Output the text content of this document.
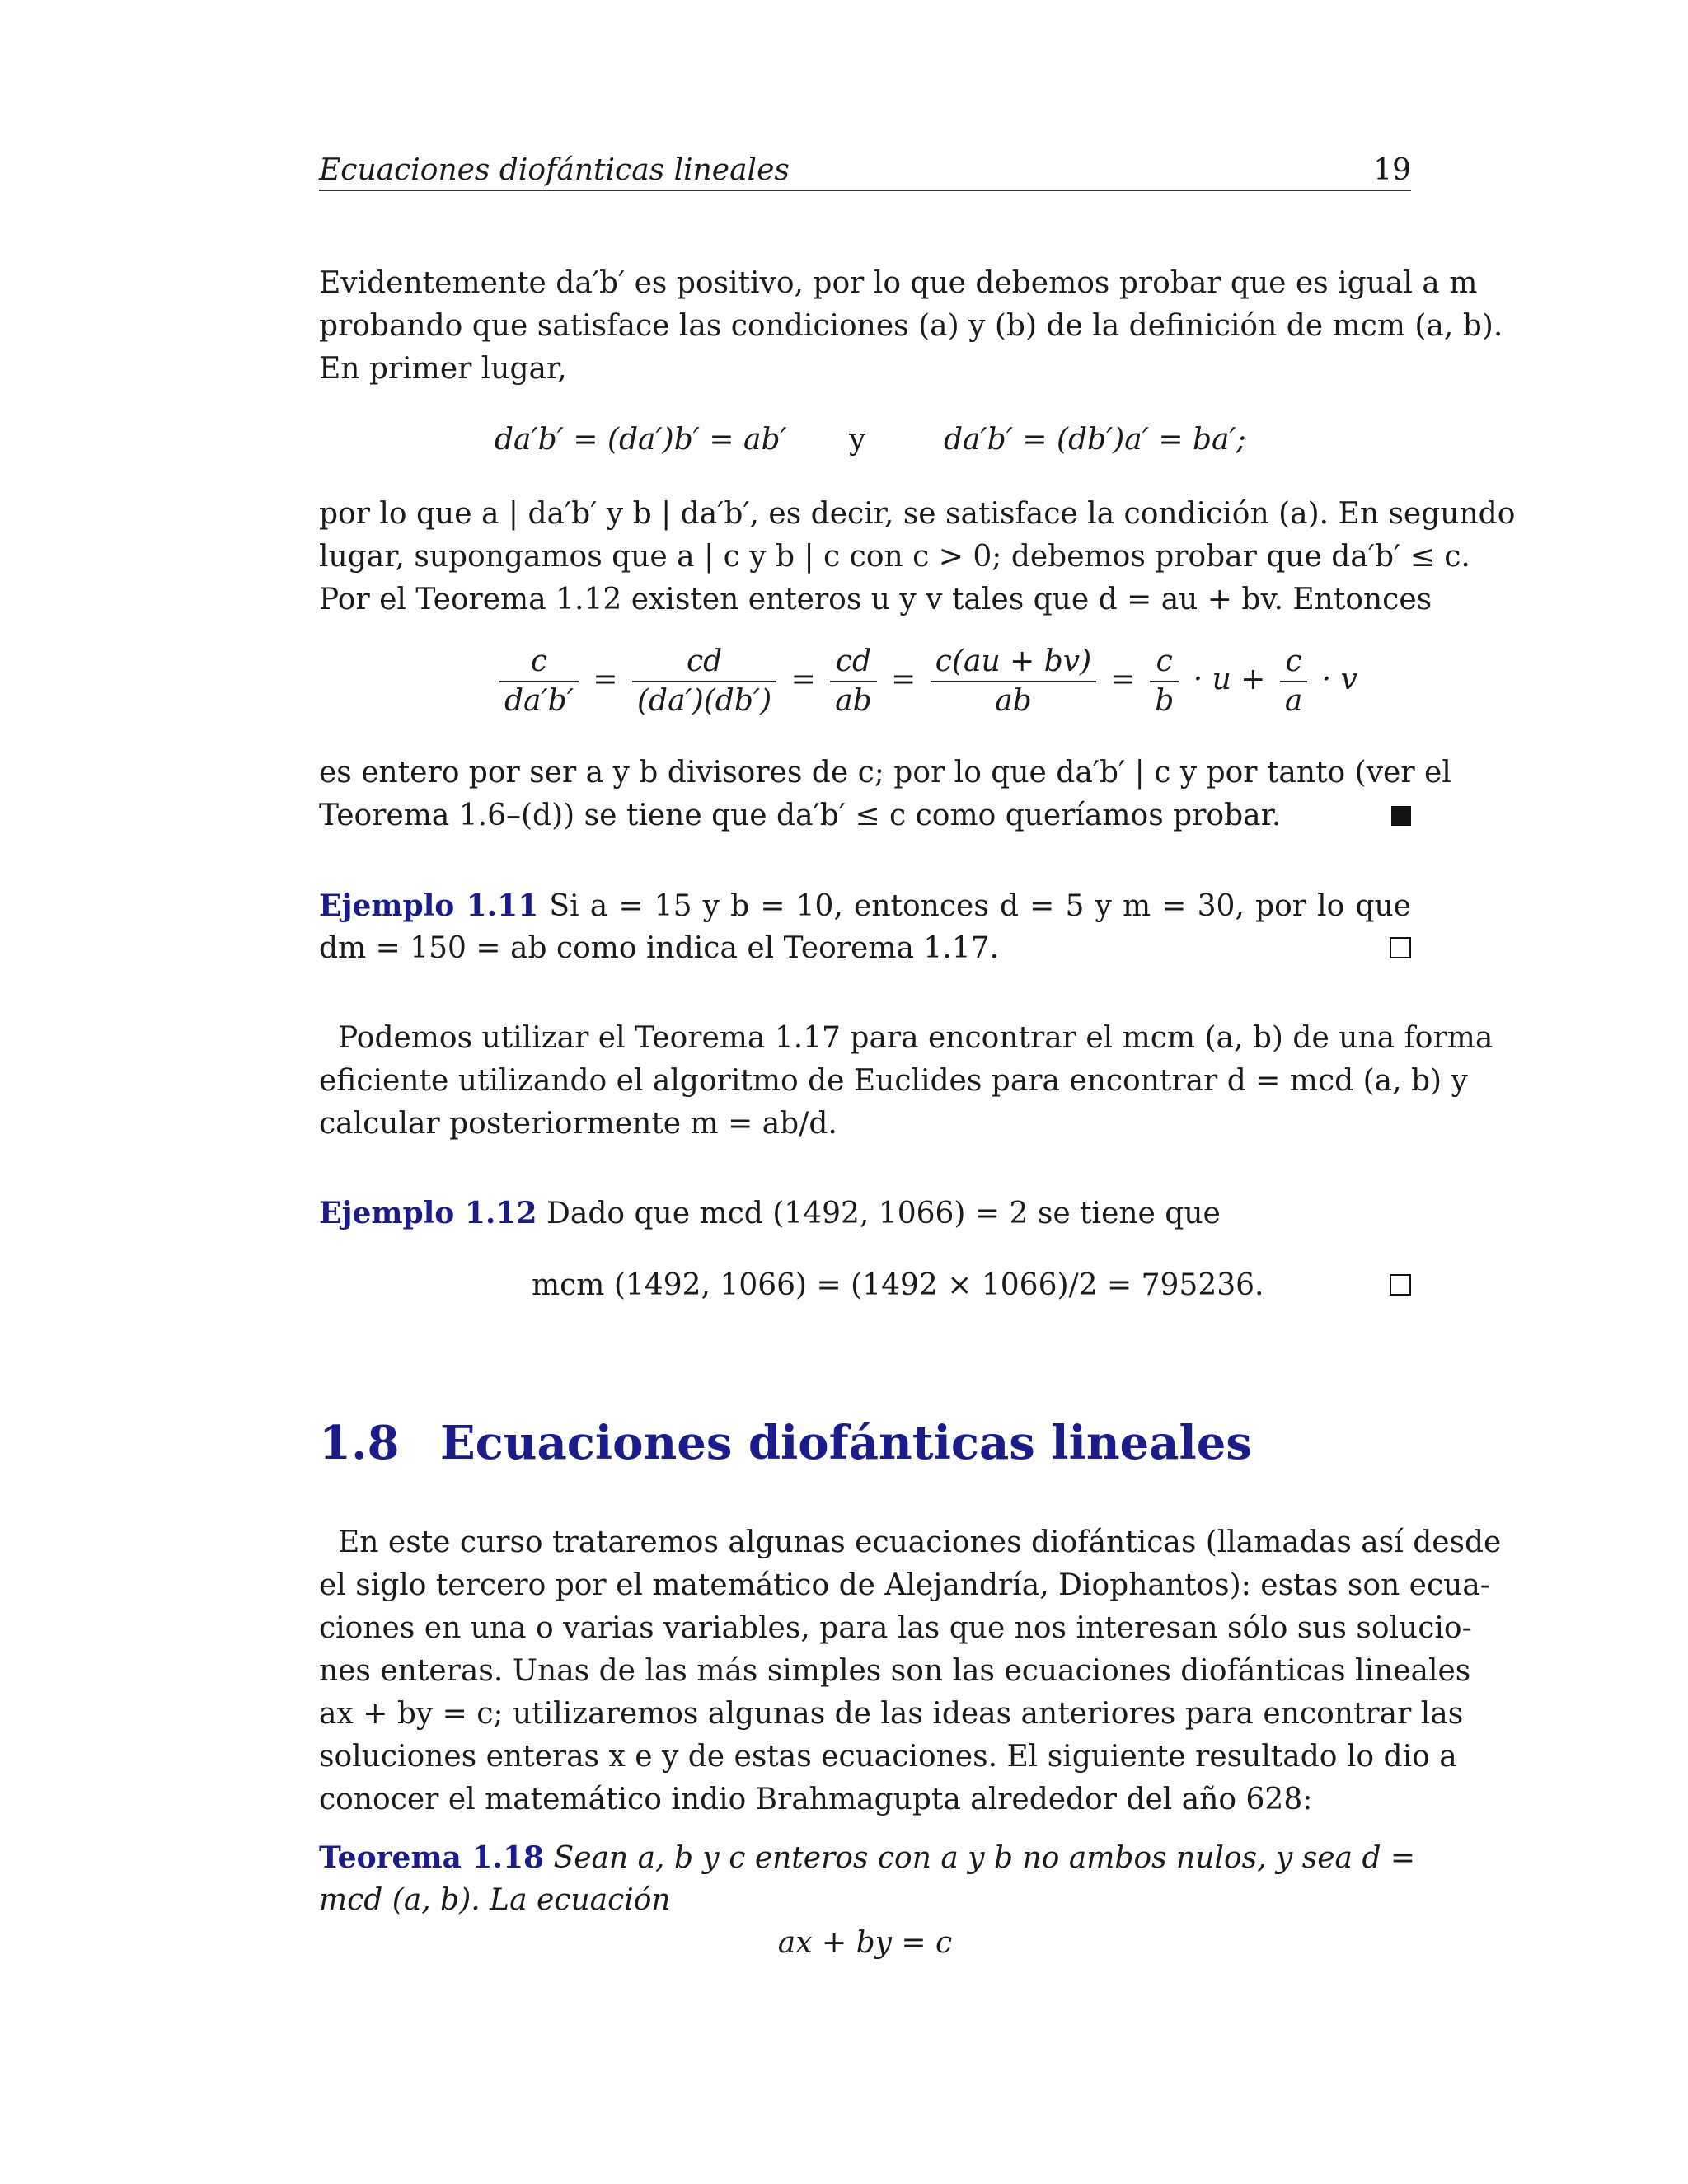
Ecuaciones diofánticas lineales	19
Evidentemente da′b′ es positivo, por lo que debemos probar que es igual a m
probando que satisface las condiciones (a) y (b) de la definición de mcm (a, b).
En primer lugar,
da′b′ = (da′)b′ = ab′	y	da′b′ = (db′)a′ = ba′;
por lo que a | da′b′ y b | da′b′, es decir, se satisface la condición (a). En segundo
lugar, supongamos que a | c y b | c con c > 0; debemos probar que da′b′ ≤ c.
Por el Teorema 1.12 existen enteros u y v tales que d = au + bv. Entonces
$\frac{c}{da'b'} = \frac{cd}{(da')(db')} = \frac{cd}{ab} = \frac{c(au + bv)}{ab} = \frac{c}{b} \cdot u + \frac{c}{a} \cdot v$
es entero por ser a y b divisores de c; por lo que da′b′ | c y por tanto (ver el
Teorema 1.6–(d)) se tiene que da′b′ ≤ c como queríamos probar.
Ejemplo 1.11 Si a = 15 y b = 10, entonces d = 5 y m = 30, por lo que
dm = 150 = ab como indica el Teorema 1.17.
Podemos utilizar el Teorema 1.17 para encontrar el mcm (a, b) de una forma
eficiente utilizando el algoritmo de Euclides para encontrar d = mcd (a, b) y
calcular posteriormente m = ab/d.
Ejemplo 1.12 Dado que mcd (1492, 1066) = 2 se tiene que
mcm (1492, 1066) = (1492 × 1066)/2 = 795236.
1.8 Ecuaciones diofánticas lineales
En este curso trataremos algunas ecuaciones diofánticas (llamadas así desde
el siglo tercero por el matemático de Alejandría, Diophantos): estas son ecua-
ciones en una o varias variables, para las que nos interesan sólo sus solucio-
nes enteras. Unas de las más simples son las ecuaciones diofánticas lineales
ax + by = c; utilizaremos algunas de las ideas anteriores para encontrar las
soluciones enteras x e y de estas ecuaciones. El siguiente resultado lo dio a
conocer el matemático indio Brahmagupta alrededor del año 628:
Teorema 1.18 Sean a, b y c enteros con a y b no ambos nulos, y sea d =
mcd (a, b). La ecuación
ax + by = c
